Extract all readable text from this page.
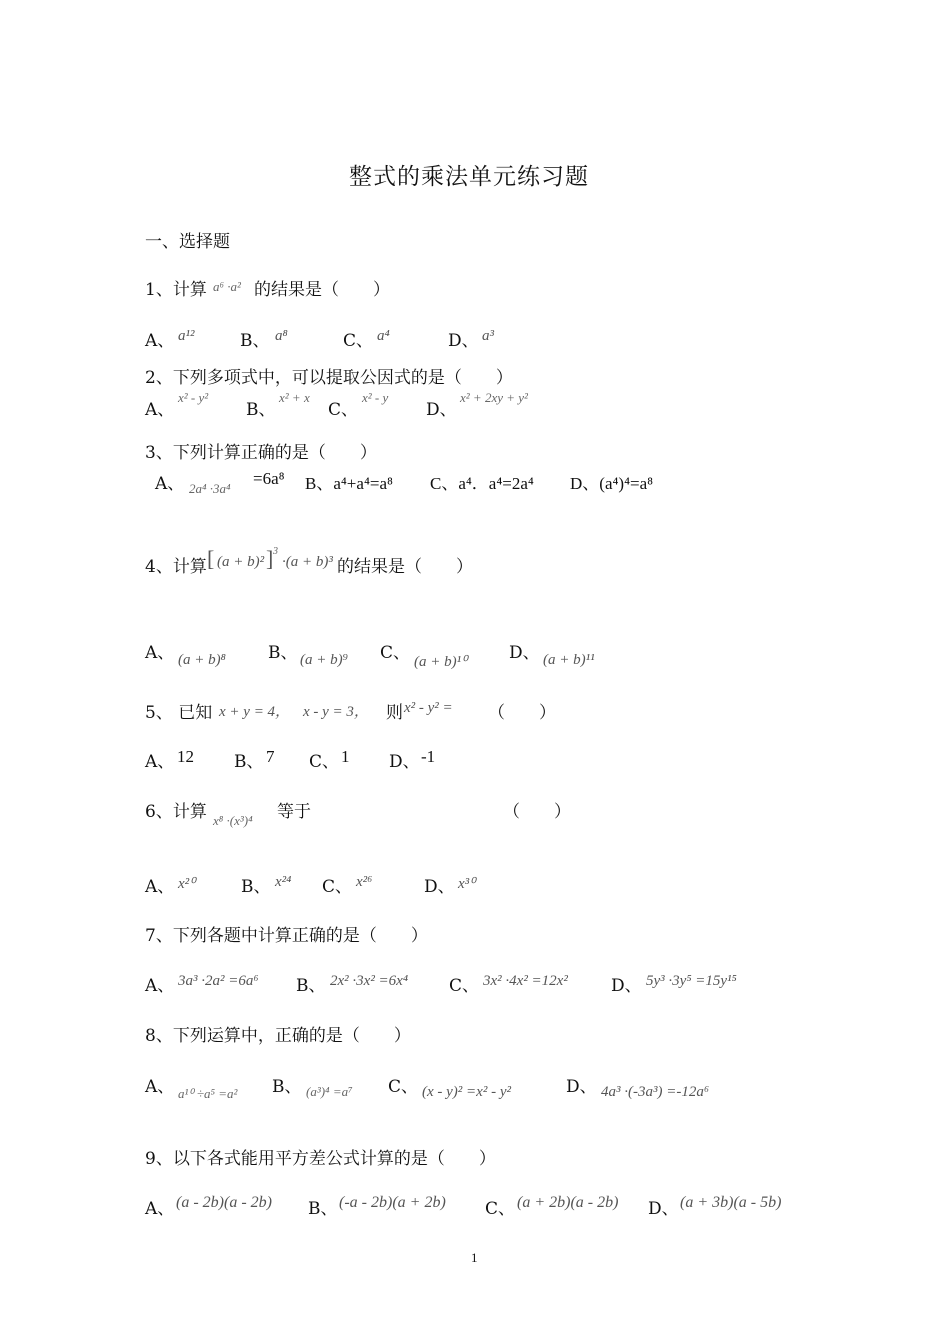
整式的乘法单元练习题
一、选择题
1、计算 a⁶ ·a² 的结果是（　　）
A、 a¹²	B、 a⁸	C、 a⁴	D、 a³
2、下列多项式中，可以提取公因式的是（　　）
A、
x² - y²
B、
x² + x
C、
x² - y
D、
x² + 2xy + y²
3、下列计算正确的是（　　）
A、 2a⁴ ·3a⁴
=6a⁸ B、a⁴+a⁴=a⁸ C、a⁴．a⁴=2a⁴ D、(a⁴)⁴=a⁸
4、计算 [ (a + b)² ] 3
·(a + b)³ 的结果是（　　）
A、 (a + b)⁸ B、 (a + b)⁹ C、 (a + b)¹⁰ D、 (a + b)¹¹
5、 已知 x + y = 4， x - y = 3， 则 x² - y² = （　　）
A、 12 B、 7 C、 1 D、 -1
6、计算 x⁸ ·(x³)⁴ 等于	（　　）
A、 x²⁰	B、 x²⁴ C、 x²⁶	D、 x³⁰
7、下列各题中计算正确的是（　　）
A、 3a³ ·2a² =6a⁶ B、 2x² ·3x² =6x⁴ C、 3x² ·4x² =12x²	D、 5y³ ·3y⁵ =15y¹⁵
8、下列运算中，正确的是（　　）
A、 a¹⁰ ÷a⁵ =a² B、 (a³)⁴ =a⁷ C、 (x - y)² =x² - y²	D、 4a³ ·(-3a³) =-12a⁶
9、以下各式能用平方差公式计算的是（　　）
A、 (a - 2b)(a - 2b) B、 (-a - 2b)(a + 2b) C、 (a + 2b)(a - 2b) D、 (a + 3b)(a - 5b)
1
